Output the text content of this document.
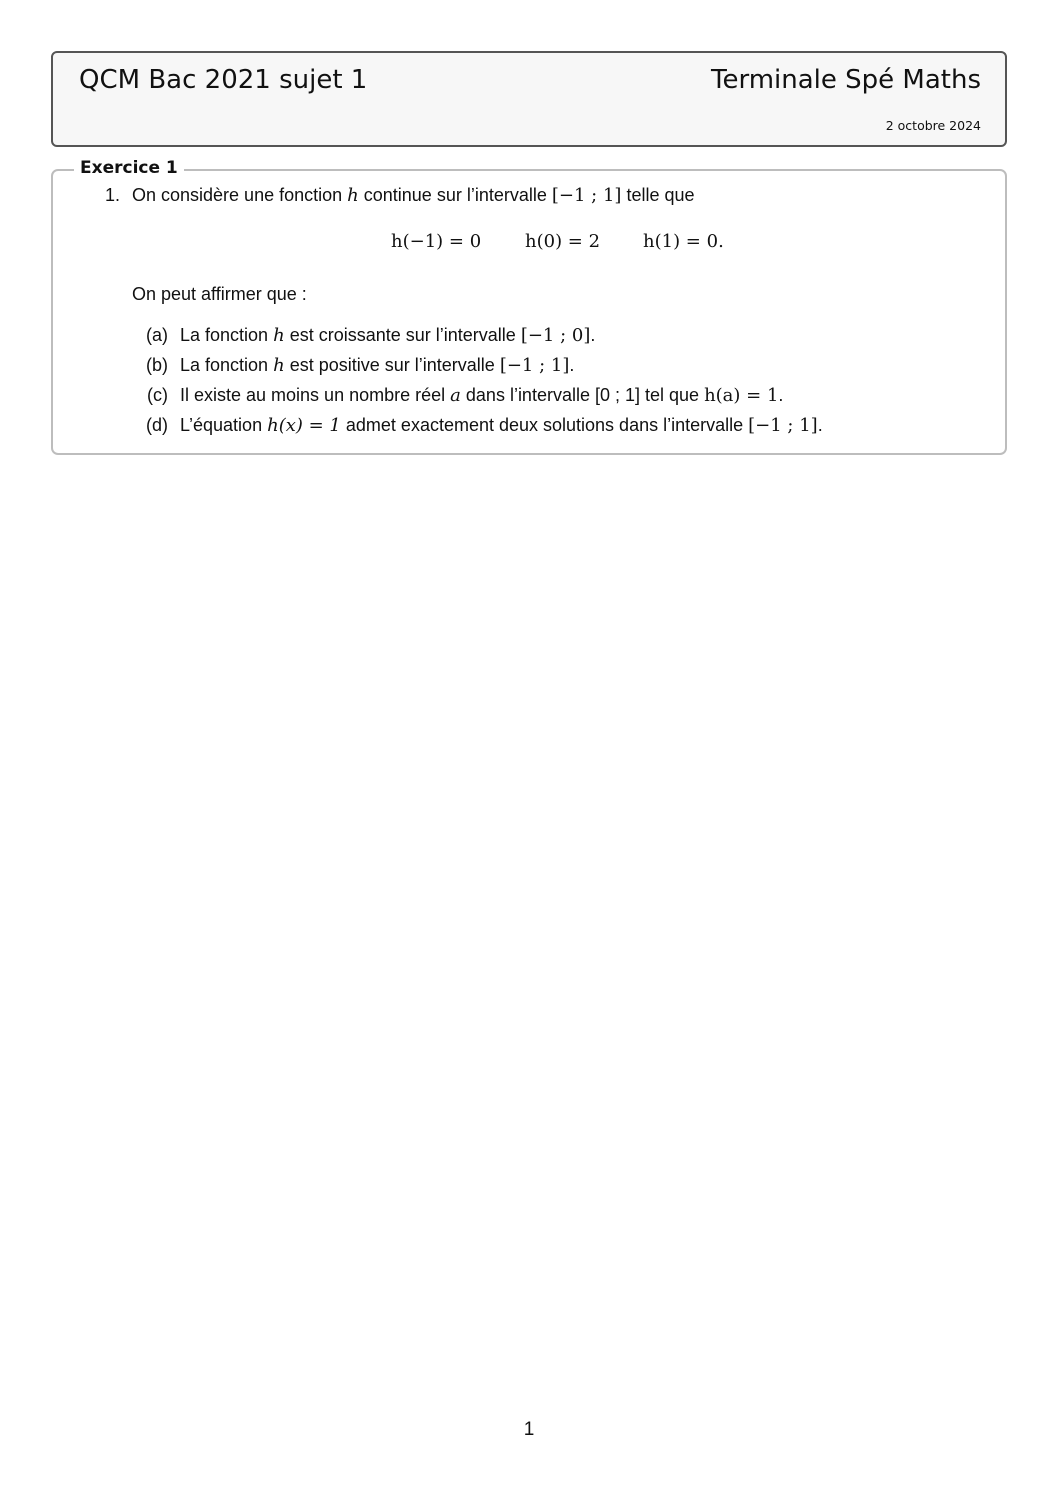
QCM Bac 2021 sujet 1	Terminale Spé Maths
2 octobre 2024
Exercice 1
1. On considère une fonction h continue sur l’intervalle [−1 ; 1] telle que
h(−1) = 0 h(0) = 2 h(1) = 0.
On peut affirmer que :
(a) La fonction h est croissante sur l’intervalle [−1 ; 0].
(b) La fonction h est positive sur l’intervalle [−1 ; 1].
(c) Il existe au moins un nombre réel a dans l’intervalle [0 ; 1] tel que h(a) = 1.
(d) L’équation h(x) = 1 admet exactement deux solutions dans l’intervalle [−1 ; 1].
1
